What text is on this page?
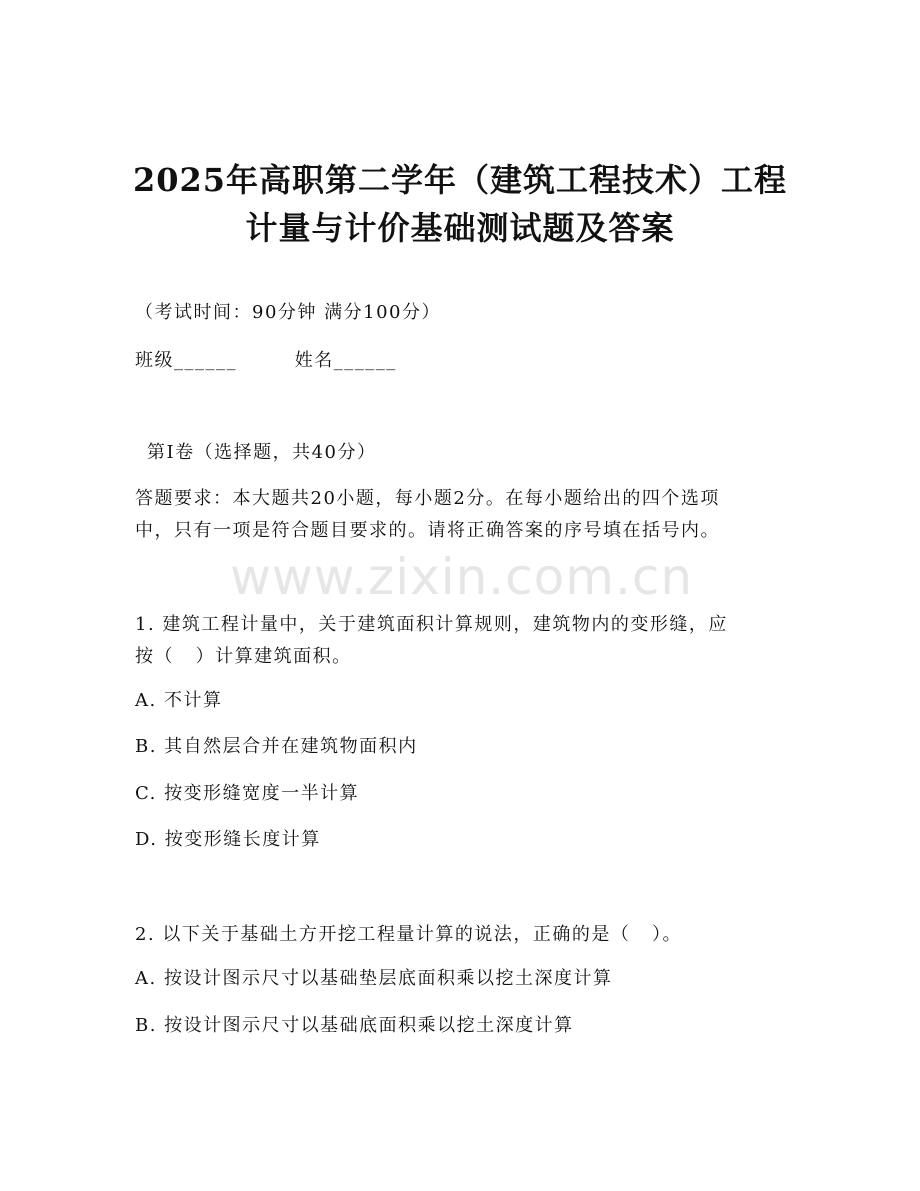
2025年高职第二学年（建筑工程技术）工程
计量与计价基础测试题及答案
（考试时间：90分钟 满分100分）
班级______        姓名______
第Ⅰ卷（选择题，共40分）
答题要求：本大题共20小题，每小题2分。在每小题给出的四个选项
中，只有一项是符合题目要求的。请将正确答案的序号填在括号内。
www.zixin.com.cn
1. 建筑工程计量中，关于建筑面积计算规则，建筑物内的变形缝，应
按（   ）计算建筑面积。
A. 不计算
B. 其自然层合并在建筑物面积内
C. 按变形缝宽度一半计算
D. 按变形缝长度计算
2. 以下关于基础土方开挖工程量计算的说法，正确的是（   ）。
A. 按设计图示尺寸以基础垫层底面积乘以挖土深度计算
B. 按设计图示尺寸以基础底面积乘以挖土深度计算
